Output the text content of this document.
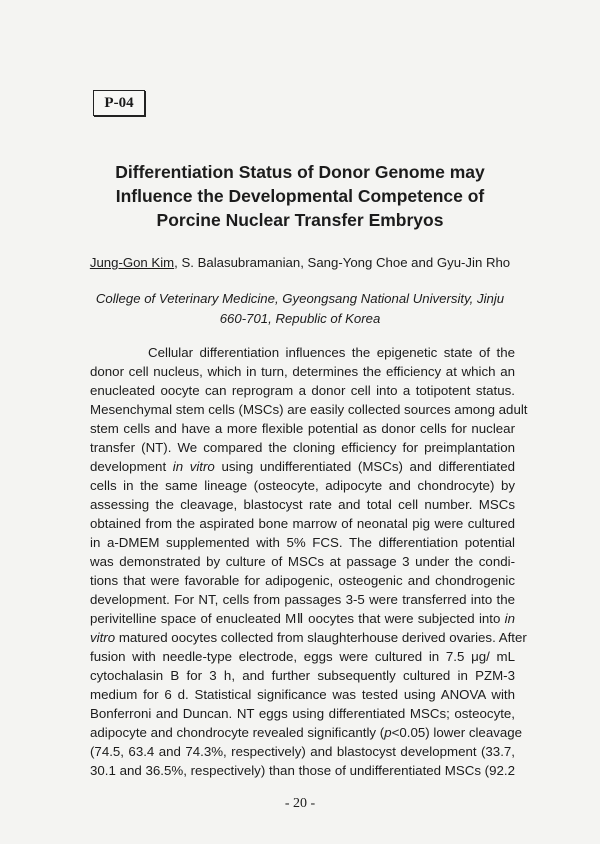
P-04
Differentiation Status of Donor Genome may
Influence the Developmental Competence of
Porcine Nuclear Transfer Embryos
Jung-Gon Kim, S. Balasubramanian, Sang-Yong Choe and Gyu-Jin Rho
College of Veterinary Medicine, Gyeongsang National University, Jinju
660-701, Republic of Korea
Cellular differentiation influences the epigenetic state of the
donor cell nucleus, which in turn, determines the efficiency at which an
enucleated oocyte can reprogram a donor cell into a totipotent status.
Mesenchymal stem cells (MSCs) are easily collected sources among adult
stem cells and have a more flexible potential as donor cells for nuclear
transfer (NT). We compared the cloning efficiency for preimplantation
development in vitro using undifferentiated (MSCs) and differentiated
cells in the same lineage (osteocyte, adipocyte and chondrocyte) by
assessing the cleavage, blastocyst rate and total cell number. MSCs
obtained from the aspirated bone marrow of neonatal pig were cultured
in a-DMEM supplemented with 5% FCS. The differentiation potential
was demonstrated by culture of MSCs at passage 3 under the condi-
tions that were favorable for adipogenic, osteogenic and chondrogenic
development. For NT, cells from passages 3-5 were transferred into the
perivitelline space of enucleated MⅡ oocytes that were subjected into in
vitro matured oocytes collected from slaughterhouse derived ovaries. After
fusion with needle-type electrode, eggs were cultured in 7.5 μg/ mL
cytochalasin B for 3 h, and further subsequently cultured in PZM-3
medium for 6 d. Statistical significance was tested using ANOVA with
Bonferroni and Duncan. NT eggs using differentiated MSCs; osteocyte,
adipocyte and chondrocyte revealed significantly (p<0.05) lower cleavage
(74.5, 63.4 and 74.3%, respectively) and blastocyst development (33.7,
30.1 and 36.5%, respectively) than those of undifferentiated MSCs (92.2
- 20 -
